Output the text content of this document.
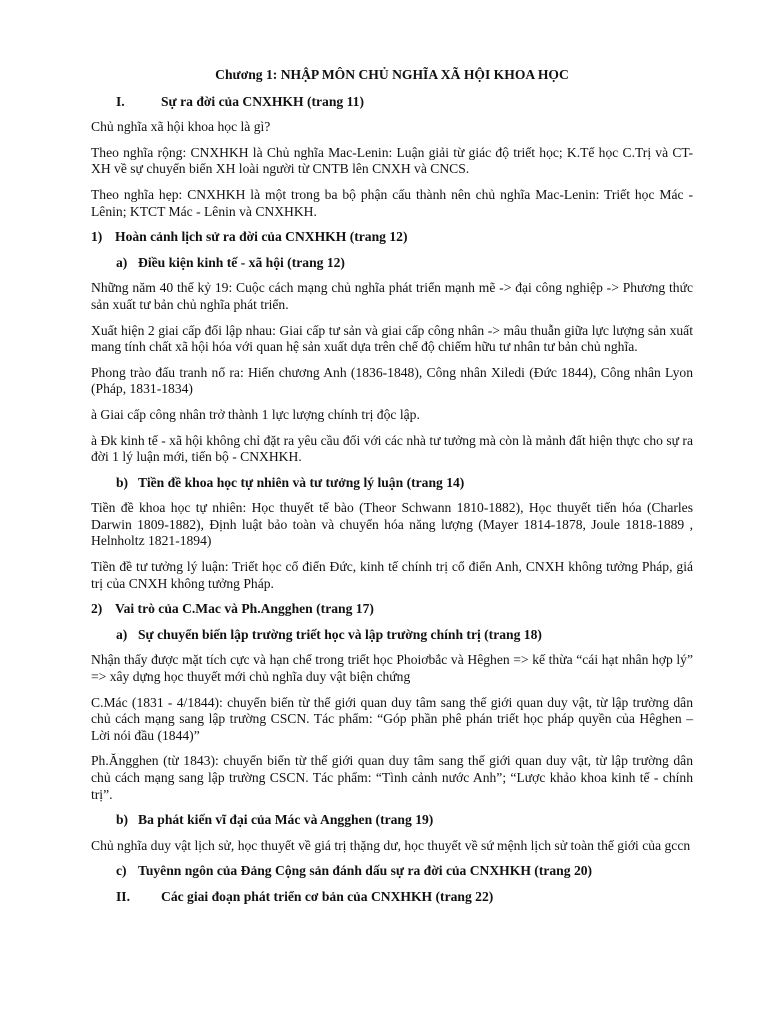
Chương 1: NHẬP MÔN CHỦ NGHĨA XÃ HỘI KHOA HỌC
I.	Sự ra đời của CNXHKH (trang 11)
Chủ nghĩa xã hội khoa học là gì?
Theo nghĩa rộng: CNXHKH là Chủ nghĩa Mac-Lenin: Luận giải từ giác độ triết học; K.Tế học C.Trị và CT-XH về sự chuyển biến XH loài người từ CNTB lên CNXH và CNCS.
Theo nghĩa hẹp: CNXHKH là một trong ba bộ phận cấu thành nên chủ nghĩa Mac-Lenin: Triết học Mác - Lênin; KTCT Mác - Lênin và CNXHKH.
1) Hoàn cảnh lịch sử ra đời của CNXHKH (trang 12)
a) Điều kiện kinh tế - xã hội (trang 12)
Những năm 40 thế kỷ 19: Cuộc cách mạng chủ nghĩa phát triển mạnh mẽ -> đại công nghiệp -> Phương thức sản xuất tư bản chủ nghĩa phát triển.
Xuất hiện 2 giai cấp đối lập nhau: Giai cấp tư sản và giai cấp công nhân -> mâu thuẫn giữa lực lượng sản xuất mang tính chất xã hội hóa với quan hệ sản xuất dựa trên chế độ chiếm hữu tư nhân tư bản chủ nghĩa.
Phong trào đấu tranh nổ ra: Hiến chương Anh (1836-1848), Công nhân Xiledi (Đức 1844), Công nhân Lyon (Pháp, 1831-1834)
à Giai cấp công nhân trở thành 1 lực lượng chính trị độc lập.
à Đk kinh tế - xã hội không chỉ đặt ra yêu cầu đối với các nhà tư tưởng mà còn là mảnh đất hiện thực cho sự ra đời 1 lý luận mới, tiến bộ - CNXHKH.
b) Tiền đề khoa học tự nhiên và tư tưởng lý luận (trang 14)
Tiền đề khoa học tự nhiên: Học thuyết tế bào (Theor Schwann 1810-1882), Học thuyết tiến hóa (Charles Darwin 1809-1882), Định luật bảo toàn và chuyển hóa năng lượng (Mayer 1814-1878, Joule 1818-1889 , Helnholtz 1821-1894)
Tiền đề tư tưởng lý luận: Triết học cổ điển Đức, kinh tế chính trị cổ điển Anh, CNXH không tưởng Pháp, giá trị của CNXH không tưởng Pháp.
2) Vai trò của C.Mac và Ph.Angghen (trang 17)
a) Sự chuyển biến lập trường triết học và lập trường chính trị (trang 18)
Nhận thấy được mặt tích cực và hạn chế trong triết học Phoiơbắc và Hêghen => kế thừa “cái hạt nhân hợp lý” => xây dựng học thuyết mới chủ nghĩa duy vật biện chứng
C.Mác (1831 - 4/1844): chuyển biến từ thế giới quan duy tâm sang thế giới quan duy vật, từ lập trường dân chủ cách mạng sang lập trường CSCN. Tác phẩm: “Góp phần phê phán triết học pháp quyền của Hêghen – Lời nói đầu (1844)”
Ph.Ăngghen (từ 1843): chuyển biến từ thế giới quan duy tâm sang thế giới quan duy vật, từ lập trường dân chủ cách mạng sang lập trường CSCN. Tác phẩm: “Tình cảnh nước Anh”; “Lược khảo khoa kinh tế - chính trị”.
b) Ba phát kiến vĩ đại của Mác và Angghen (trang 19)
Chủ nghĩa duy vật lịch sử, học thuyết về giá trị thặng dư, học thuyết về sứ mệnh lịch sử toàn thế giới của gccn
c) Tuyênn ngôn của Đảng Cộng sản đánh dấu sự ra đời của CNXHKH (trang 20)
II.	Các giai đoạn phát triển cơ bản của CNXHKH (trang 22)
